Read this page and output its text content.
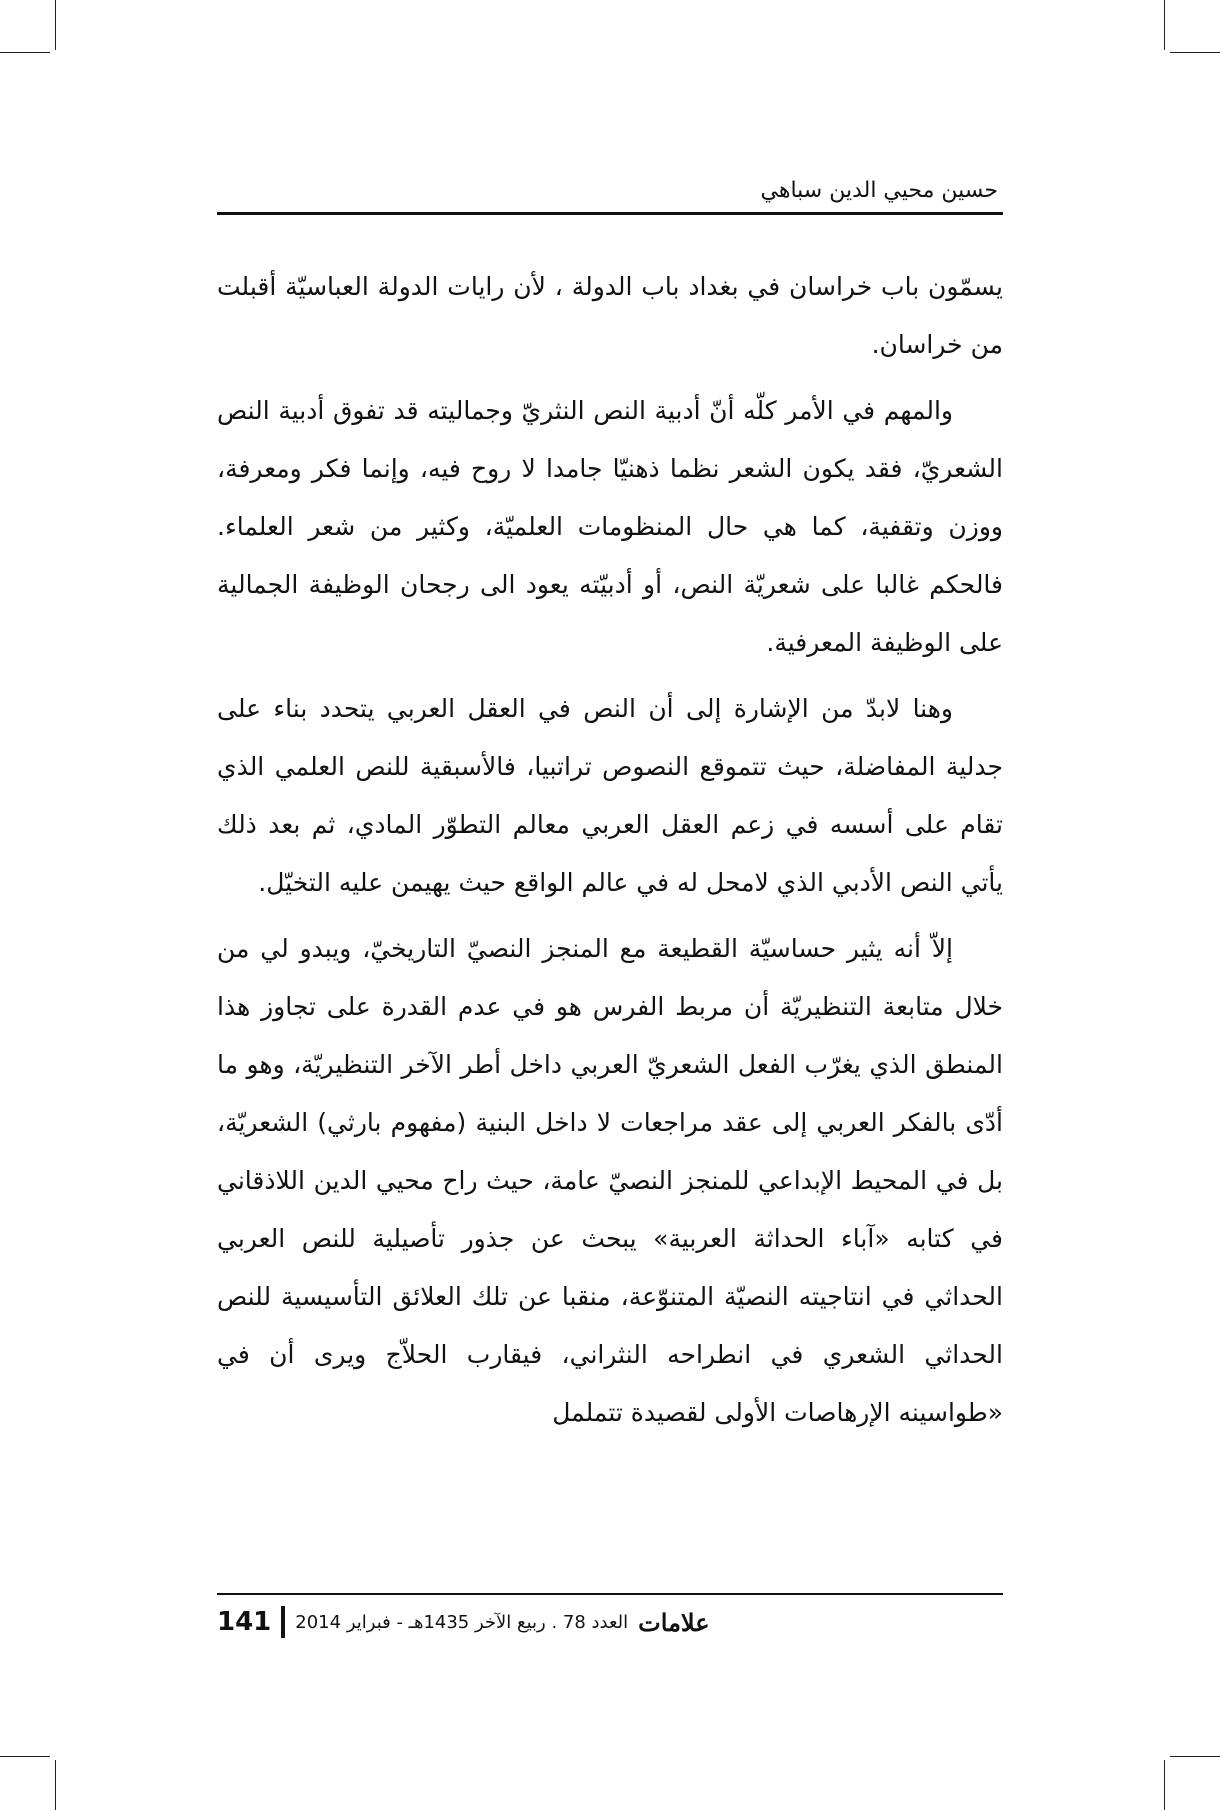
حسين محيي الدين سباهي

يسمّون باب خراسان في بغداد باب الدولة ، لأن رايات الدولة العباسيّة أقبلت من خراسان.

والمهم في الأمر كلّه أنّ أدبية النص النثريّ وجماليته قد تفوق أدبية النص الشعريّ، فقد يكون الشعر نظما ذهنيّا جامدا لا روح فيه، وإنما فكر ومعرفة، ووزن وتقفية، كما هي حال المنظومات العلميّة، وكثير من شعر العلماء. فالحكم غالبا على شعريّة النص، أو أدبيّته يعود الى رجحان الوظيفة الجمالية على الوظيفة المعرفية.

وهنا لابدّ من الإشارة إلى أن النص في العقل العربي يتحدد بناء على جدلية المفاضلة، حيث تتموقع النصوص تراتبيا، فالأسبقية للنص العلمي الذي تقام على أسسه في زعم العقل العربي معالم التطوّر المادي، ثم بعد ذلك يأتي النص الأدبي الذي لامحل له في عالم الواقع حيث يهيمن عليه التخيّل.

إلاّ أنه يثير حساسيّة القطيعة مع المنجز النصيّ التاريخيّ، ويبدو لي من خلال متابعة التنظيريّة أن مربط الفرس هو في عدم القدرة على تجاوز هذا المنطق الذي يغرّب الفعل الشعريّ العربي داخل أطر الآخر التنظيريّة، وهو ما أدّى بالفكر العربي إلى عقد مراجعات لا داخل البنية (مفهوم بارثي) الشعريّة، بل في المحيط الإبداعي للمنجز النصيّ عامة، حيث راح محيي الدين اللاذقاني في كتابه «آباء الحداثة العربية» يبحث عن جذور تأصيلية للنص العربي الحداثي في انتاجيته النصيّة المتنوّعة، منقبا عن تلك العلائق التأسيسية للنص الحداثي الشعري في انطراحه النثراني، فيقارب الحلاّج ويرى أن في «طواسينه الإرهاصات الأولى لقصيدة تتململ

علامات
العدد 78 . ربيع الآخر 1435هـ - فبراير 2014
141
